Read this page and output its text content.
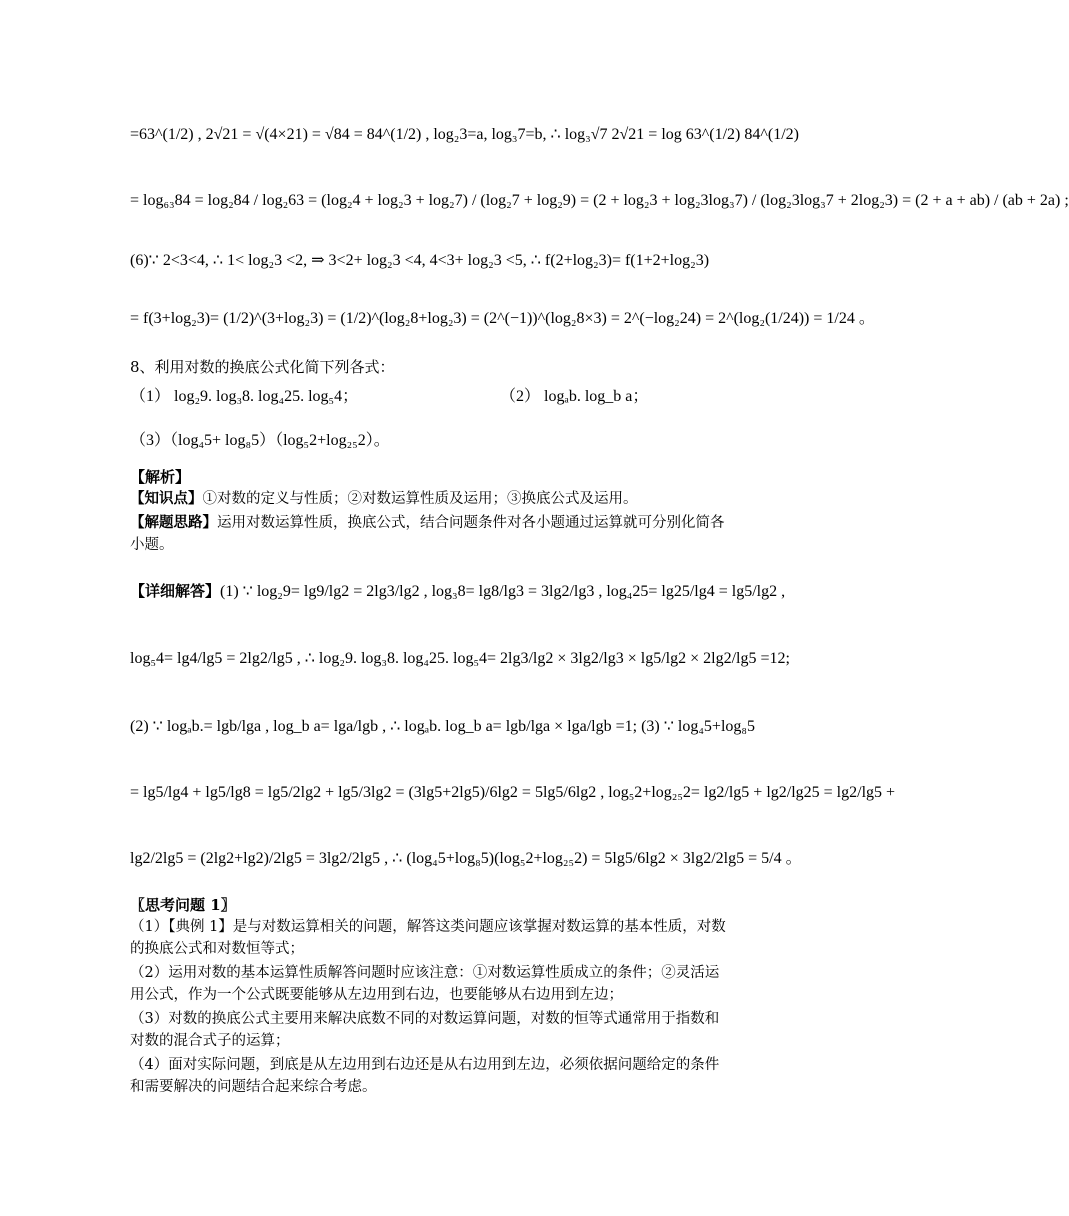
=63^(1/2) , 2√21 = √(4×21) = √84 = 84^(1/2) , log₂3=a, log₃7=b, ∴ log₃√7 2√21 = log 63^(1/2) 84^(1/2)
= log₆₃84 = log₂84 / log₂63 = (log₂4 + log₂3 + log₂7) / (log₂7 + log₂9) = (2 + log₂3 + log₂3log₃7) / (log₂3log₃7 + 2log₂3) = (2 + a + ab) / (ab + 2a) ;
(6)∵ 2<3<4, ∴ 1< log₂3 <2, ⇒ 3<2+ log₂3 <4, 4<3+ log₂3 <5, ∴ f(2+log₂3)= f(1+2+log₂3)
= f(3+log₂3)= (1/2)^(3+log₂3) = (1/2)^(log₂8+log₂3) = (2^(−1))^(log₂8×3) = 2^(−log₂24) = 2^(log₂(1/24)) = 1/24 。
8、利用对数的换底公式化简下列各式：
（1） log₂9. log₃8. log₄25. log₅4；	（2） logₐb. log_b a；
（3）（log₄5+ log₈5）（log₅2+log₂₅2）。
【解析】
【知识点】①对数的定义与性质；②对数运算性质及运用；③换底公式及运用。
【解题思路】运用对数运算性质，换底公式，结合问题条件对各小题通过运算就可分别化简各小题。
【详细解答】(1) ∵ log₂9= lg9/lg2 = 2lg3/lg2 , log₃8= lg8/lg3 = 3lg2/lg3 , log₄25= lg25/lg4 = lg5/lg2 ,
log₅4= lg4/lg5 = 2lg2/lg5 , ∴ log₂9. log₃8. log₄25. log₅4= 2lg3/lg2 × 3lg2/lg3 × lg5/lg2 × 2lg2/lg5 =12;
(2) ∵ logₐb.= lgb/lga , log_b a= lga/lgb , ∴ logₐb. log_b a= lgb/lga × lga/lgb =1; (3) ∵ log₄5+log₈5
= lg5/lg4 + lg5/lg8 = lg5/2lg2 + lg5/3lg2 = (3lg5+2lg5)/6lg2 = 5lg5/6lg2 , log₅2+log₂₅2= lg2/lg5 + lg2/lg25 = lg2/lg5 +
lg2/2lg5 = (2lg2+lg2)/2lg5 = 3lg2/2lg5 , ∴ (log₄5+log₈5)(log₅2+log₂₅2) = 5lg5/6lg2 × 3lg2/2lg5 = 5/4 。
〖思考问题 1〗
（1）【典例 1】是与对数运算相关的问题，解答这类问题应该掌握对数运算的基本性质，对数的换底公式和对数恒等式；
（2）运用对数的基本运算性质解答问题时应该注意：①对数运算性质成立的条件；②灵活运用公式，作为一个公式既要能够从左边用到右边，也要能够从右边用到左边；
（3）对数的换底公式主要用来解决底数不同的对数运算问题，对数的恒等式通常用于指数和对数的混合式子的运算；
（4）面对实际问题，到底是从左边用到右边还是从右边用到左边，必须依据问题给定的条件和需要解决的问题结合起来综合考虑。
